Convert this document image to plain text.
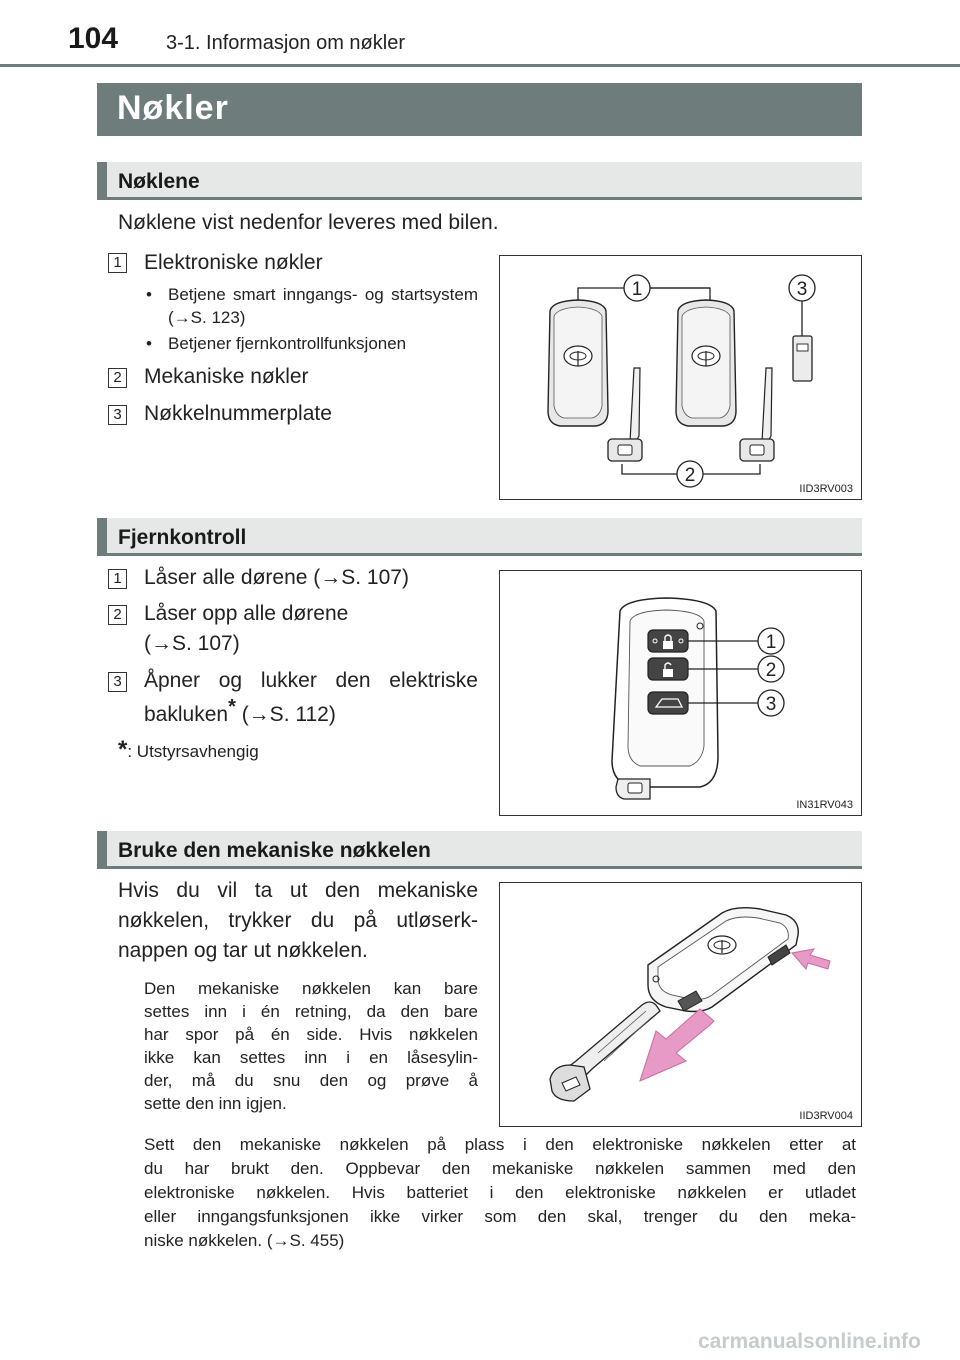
104 3-1. Informasjon om nøkler
Nøkler
Nøklene
Nøklene vist nedenfor leveres med bilen.
1 Elektroniske nøkler
• Betjene smart inngangs- og startsystem (→S. 123)
• Betjener fjernkontrollfunksjonen
2 Mekaniske nøkler
3 Nøkkelnummerplate
1
2
3
IID3RV003
Fjernkontroll
1 Låser alle dørene (→S. 107)
2 Låser opp alle dørene
(→S. 107)
3 Åpner og lukker den elektriske
bakluken* (→S. 112)
*: Utstyrsavhengig
1
2
3
IN31RV043
Bruke den mekaniske nøkkelen
Hvis du vil ta ut den mekaniske
nøkkelen, trykker du på utløserk-
nappen og tar ut nøkkelen.
Den mekaniske nøkkelen kan bare
settes inn i én retning, da den bare
har spor på én side. Hvis nøkkelen
ikke kan settes inn i en låsesylin-
der, må du snu den og prøve å
sette den inn igjen.
Sett den mekaniske nøkkelen på plass i den elektroniske nøkkelen etter at
du har brukt den. Oppbevar den mekaniske nøkkelen sammen med den
elektroniske nøkkelen. Hvis batteriet i den elektroniske nøkkelen er utladet
eller inngangsfunksjonen ikke virker som den skal, trenger du den meka-
niske nøkkelen. (→S. 455)
IID3RV004
carmanualsonline.info
